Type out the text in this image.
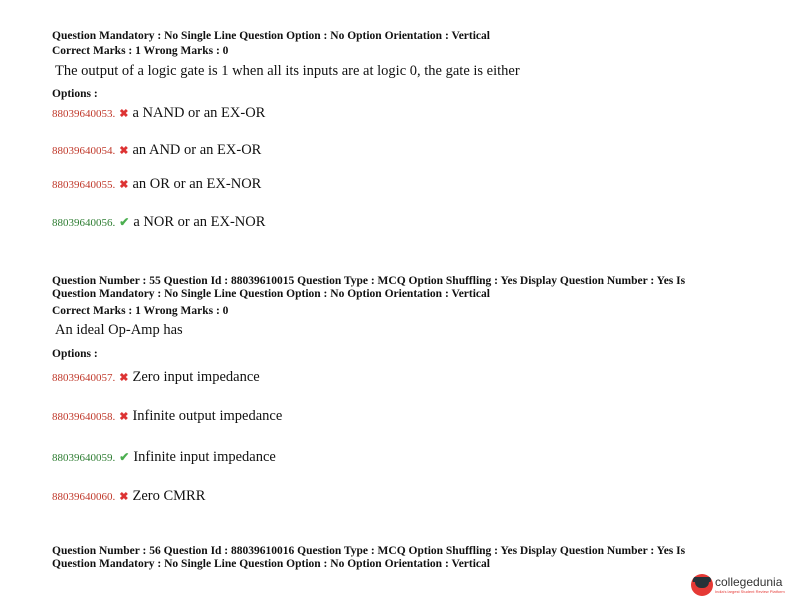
Question Mandatory : No Single Line Question Option : No Option Orientation : Vertical
Correct Marks : 1 Wrong Marks : 0
The output of a logic gate is 1 when all its inputs are at logic 0, the gate is either
Options :
88039640053. ✖ a NAND or an EX-OR
88039640054. ✖ an AND or an EX-OR
88039640055. ✖ an OR or an EX-NOR
88039640056. ✔ a NOR or an EX-NOR
Question Number : 55 Question Id : 88039610015 Question Type : MCQ Option Shuffling : Yes Display Question Number : Yes Is
Question Mandatory : No Single Line Question Option : No Option Orientation : Vertical
Correct Marks : 1 Wrong Marks : 0
An ideal Op-Amp has
Options :
88039640057. ✖ Zero input impedance
88039640058. ✖ Infinite output impedance
88039640059. ✔ Infinite input impedance
88039640060. ✖ Zero CMRR
Question Number : 56 Question Id : 88039610016 Question Type : MCQ Option Shuffling : Yes Display Question Number : Yes Is
Question Mandatory : No Single Line Question Option : No Option Orientation : Vertical
collegedunia
India's largest Student Review Platform
